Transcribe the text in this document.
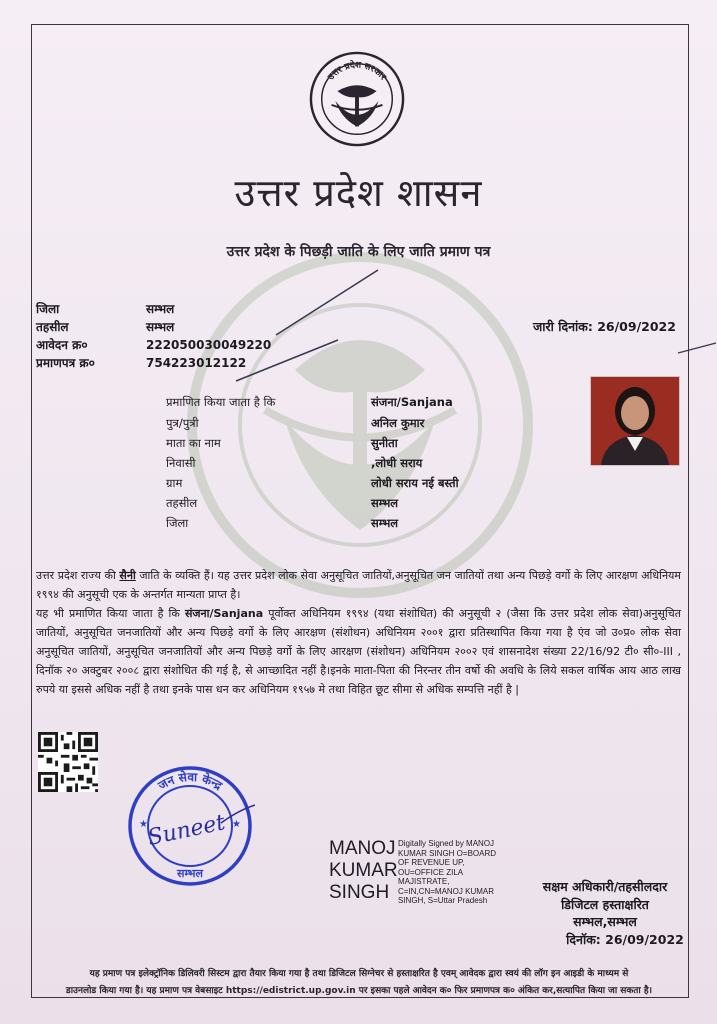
उत्तर प्रदेश सरकार
उत्तर प्रदेश शासन
उत्तर प्रदेश के पिछड़ी जाति के लिए जाति प्रमाण पत्र
जिला	सम्भल
तहसील	सम्भल
आवेदन क्र०	222050030049220
प्रमाणपत्र क्र०	754223012122
जारी दिनांक: 26/09/2022
प्रमाणित किया जाता है कि	संजना/Sanjana
पुत्र/पुत्री	अनिल कुमार
माता का नाम	सुनीता
निवासी	,लोधी सराय
ग्राम	लोधी सराय नई बस्ती
तहसील	सम्भल
जिला	सम्भल
उत्तर प्रदेश राज्य की सैनी जाति के व्यक्ति हैं। यह उत्तर प्रदेश लोक सेवा अनुसूचित जातियों,अनुसूचित जन जातियों तथा अन्य पिछड़े वर्गो के लिए आरक्षण अधिनियम १९९४ की अनुसूची एक के अन्तर्गत मान्यता प्राप्त है।
यह भी प्रमाणित किया जाता है कि संजना/Sanjana पूर्वोक्त अधिनियम १९९४ (यथा संशोधित) की अनुसूची २ (जैसा कि उत्तर प्रदेश लोक सेवा)अनुसूचित जातियों, अनुसूचित जनजातियों और अन्य पिछड़े वर्गो के लिए आरक्षण (संशोधन) अधिनियम २००१ द्वारा प्रतिस्थापित किया गया है एंव जो उ०प्र० लोक सेवा अनुसूचित जातियों, अनुसूचित जनजातियों और अन्य पिछड़े वर्गो के लिए आरक्षण (संशोधन) अधिनियम २००२ एवं शासनादेश संख्या 22/16/92 टी० सी०-III , दिनॉक २० अक्टुबर २००८ द्वारा संशोधित की गई है, से आच्छादित नहीं है।इनके माता-पिता की निरन्तर तीन वर्षो की अवधि के लिये सकल वार्षिक आय आठ लाख रुपये या इससे अधिक नहीं है तथा इनके पास धन कर अधिनियम १९५७ मे तथा विहित छूट सीमा से अधिक सम्पत्ति नहीं है |
जन सेवा केन्द्र
सम्भल
★	★
Suneet	MANOJ
KUMAR
SINGH
Digitally Signed by MANOJ KUMAR SINGH O=BOARD OF REVENUE UP, OU=OFFICE ZILA MAJISTRATE, C=IN,CN=MANOJ KUMAR SINGH, S=Uttar Pradesh
सक्षम अधिकारी/तहसीलदार
डिजिटल हस्ताक्षरित
सम्भल,सम्भल
दिनॉक: 26/09/2022
यह प्रमाण पत्र इलेक्ट्रॉनिक डिलिवरी सिस्टम द्वारा तैयार किया गया है तथा डिजिटल सिग्नेचर से हस्ताक्षरित है एवम् आवेदक द्वारा स्वयं की लॉग इन आइडी के माध्यम से
डाउनलोड किया गया है। यह प्रमाण पत्र वेबसाइट https://edistrict.up.gov.in पर इसका पहले आवेदन क० फिर प्रमाणपत्र क० अंकित कर,सत्यापित किया जा सकता है।
